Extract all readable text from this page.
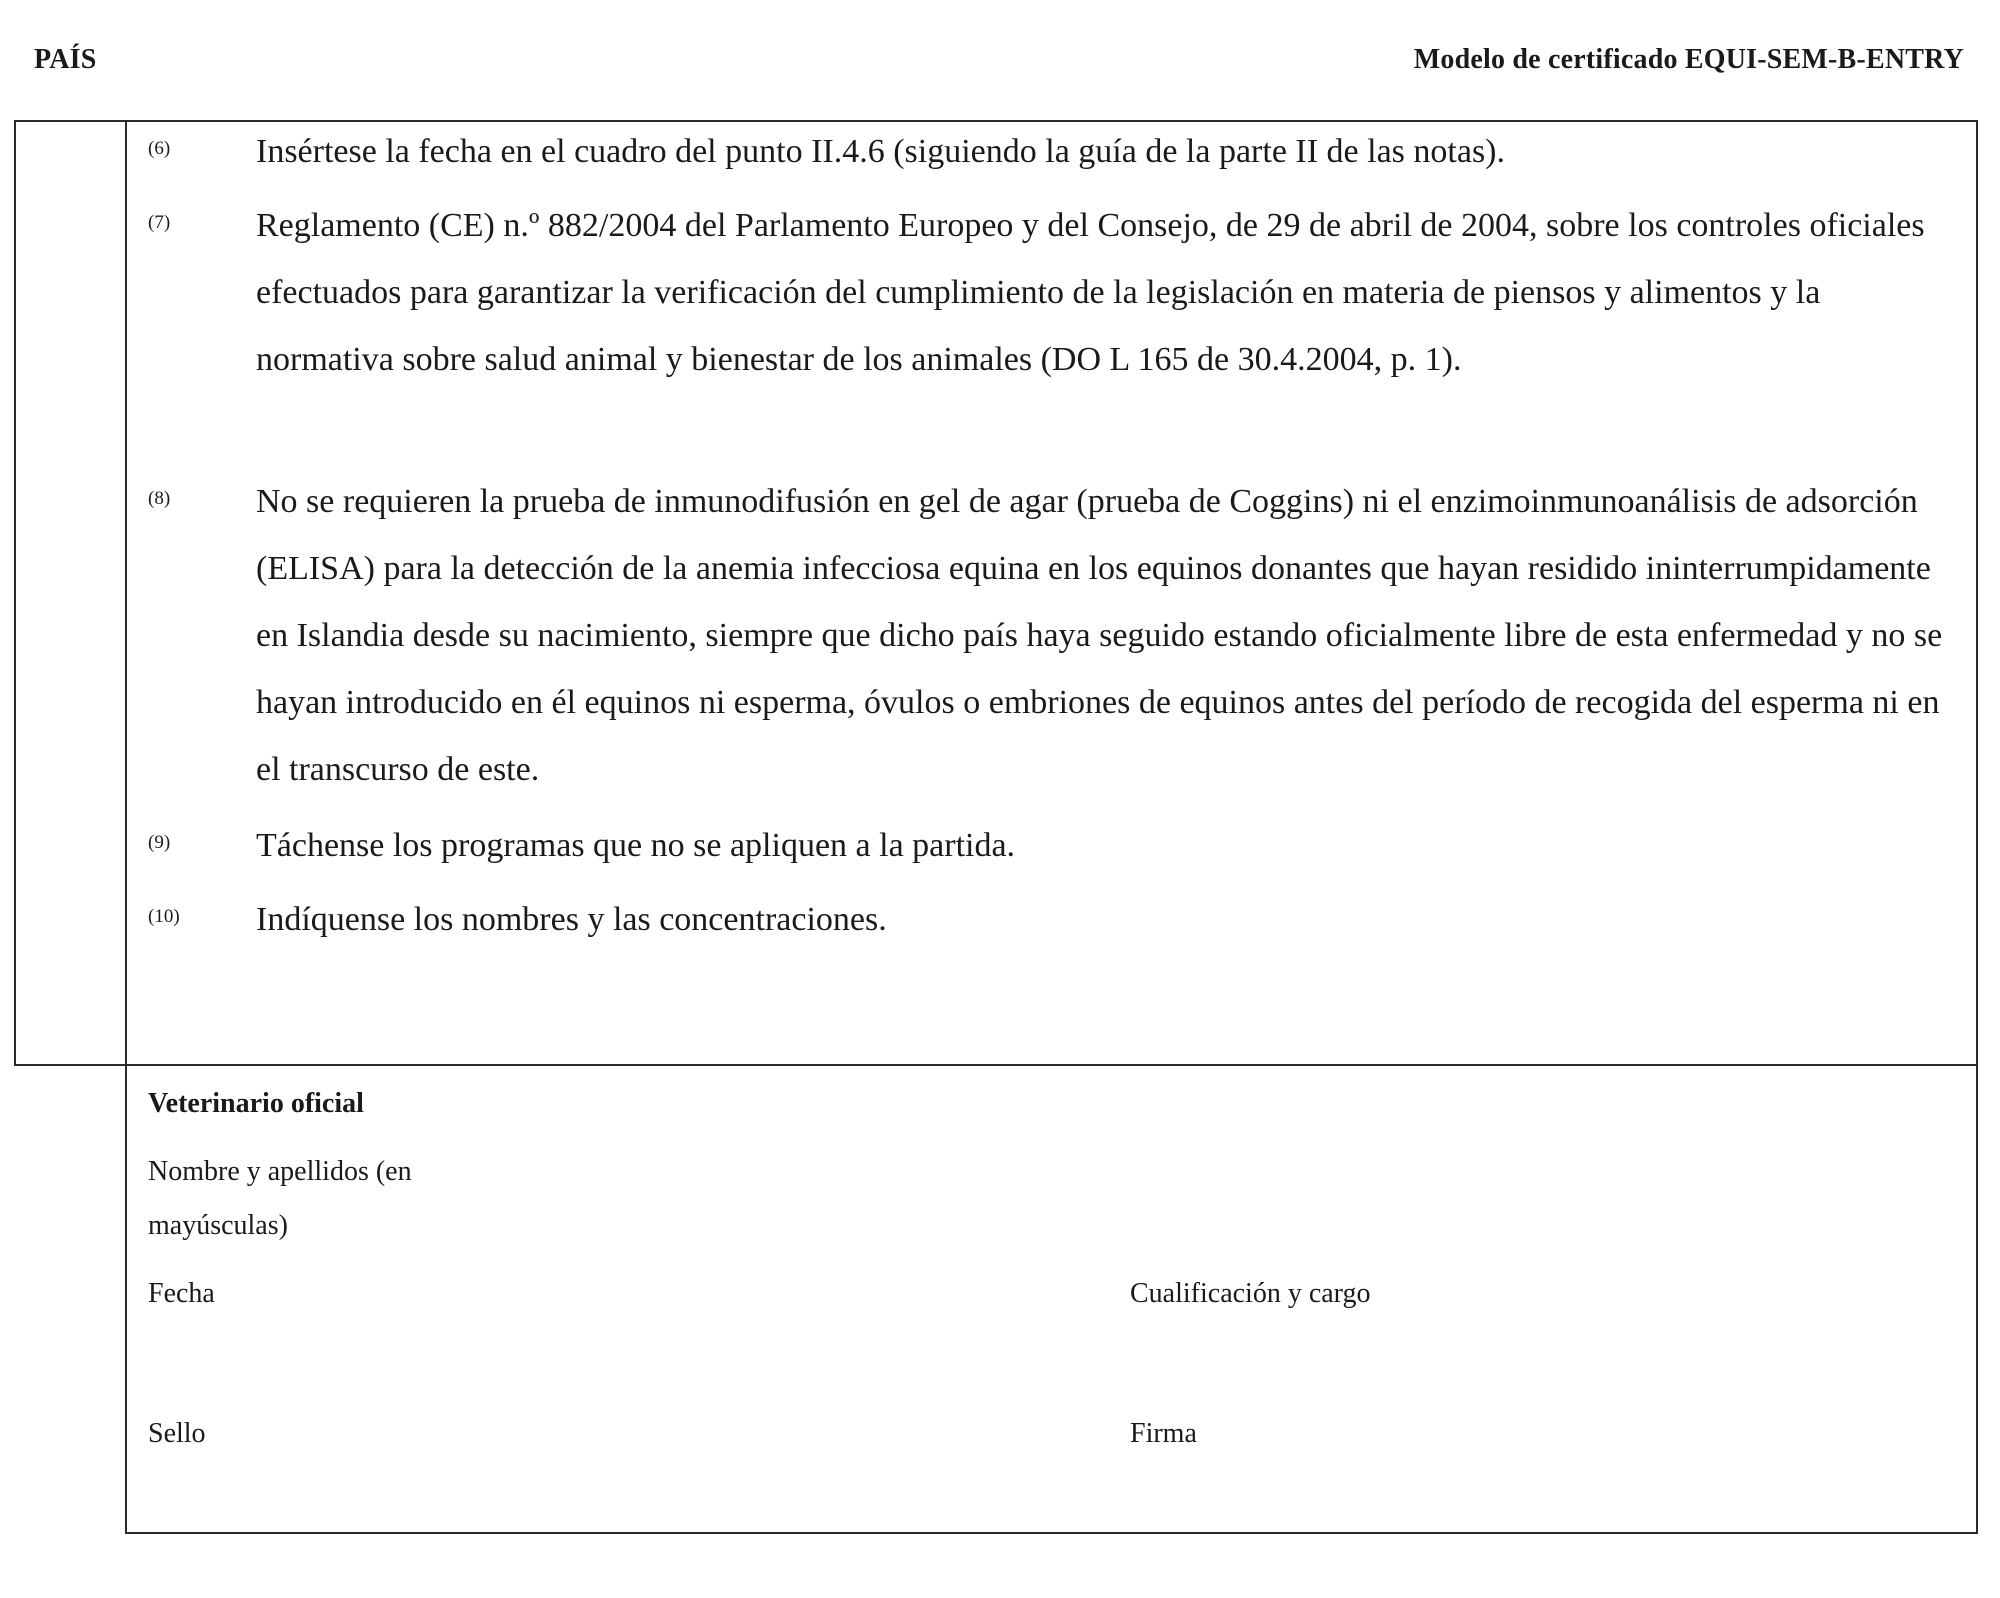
PAÍS	Modelo de certificado EQUI-SEM-B-ENTRY
(6)	Insértese la fecha en el cuadro del punto II.4.6 (siguiendo la guía de la parte II de las notas).
(7)	Reglamento (CE) n.º 882/2004 del Parlamento Europeo y del Consejo, de 29 de abril de 2004, sobre los controles oficiales efectuados para garantizar la verificación del cumplimiento de la legislación en materia de piensos y alimentos y la normativa sobre salud animal y bienestar de los animales (DO L 165 de 30.4.2004, p. 1).
(8)	No se requieren la prueba de inmunodifusión en gel de agar (prueba de Coggins) ni el enzimoinmunoanálisis de adsorción (ELISA) para la detección de la anemia infecciosa equina en los equinos donantes que hayan residido ininterrumpidamente en Islandia desde su nacimiento, siempre que dicho país haya seguido estando oficialmente libre de esta enfermedad y no se hayan introducido en él equinos ni esperma, óvulos o embriones de equinos antes del período de recogida del esperma ni en el transcurso de este.
(9)	Táchense los programas que no se apliquen a la partida.
(10) Indíquense los nombres y las concentraciones.
Veterinario oficial
Nombre y apellidos (en
mayúsculas)
Fecha	Cualificación y cargo
Sello	Firma
